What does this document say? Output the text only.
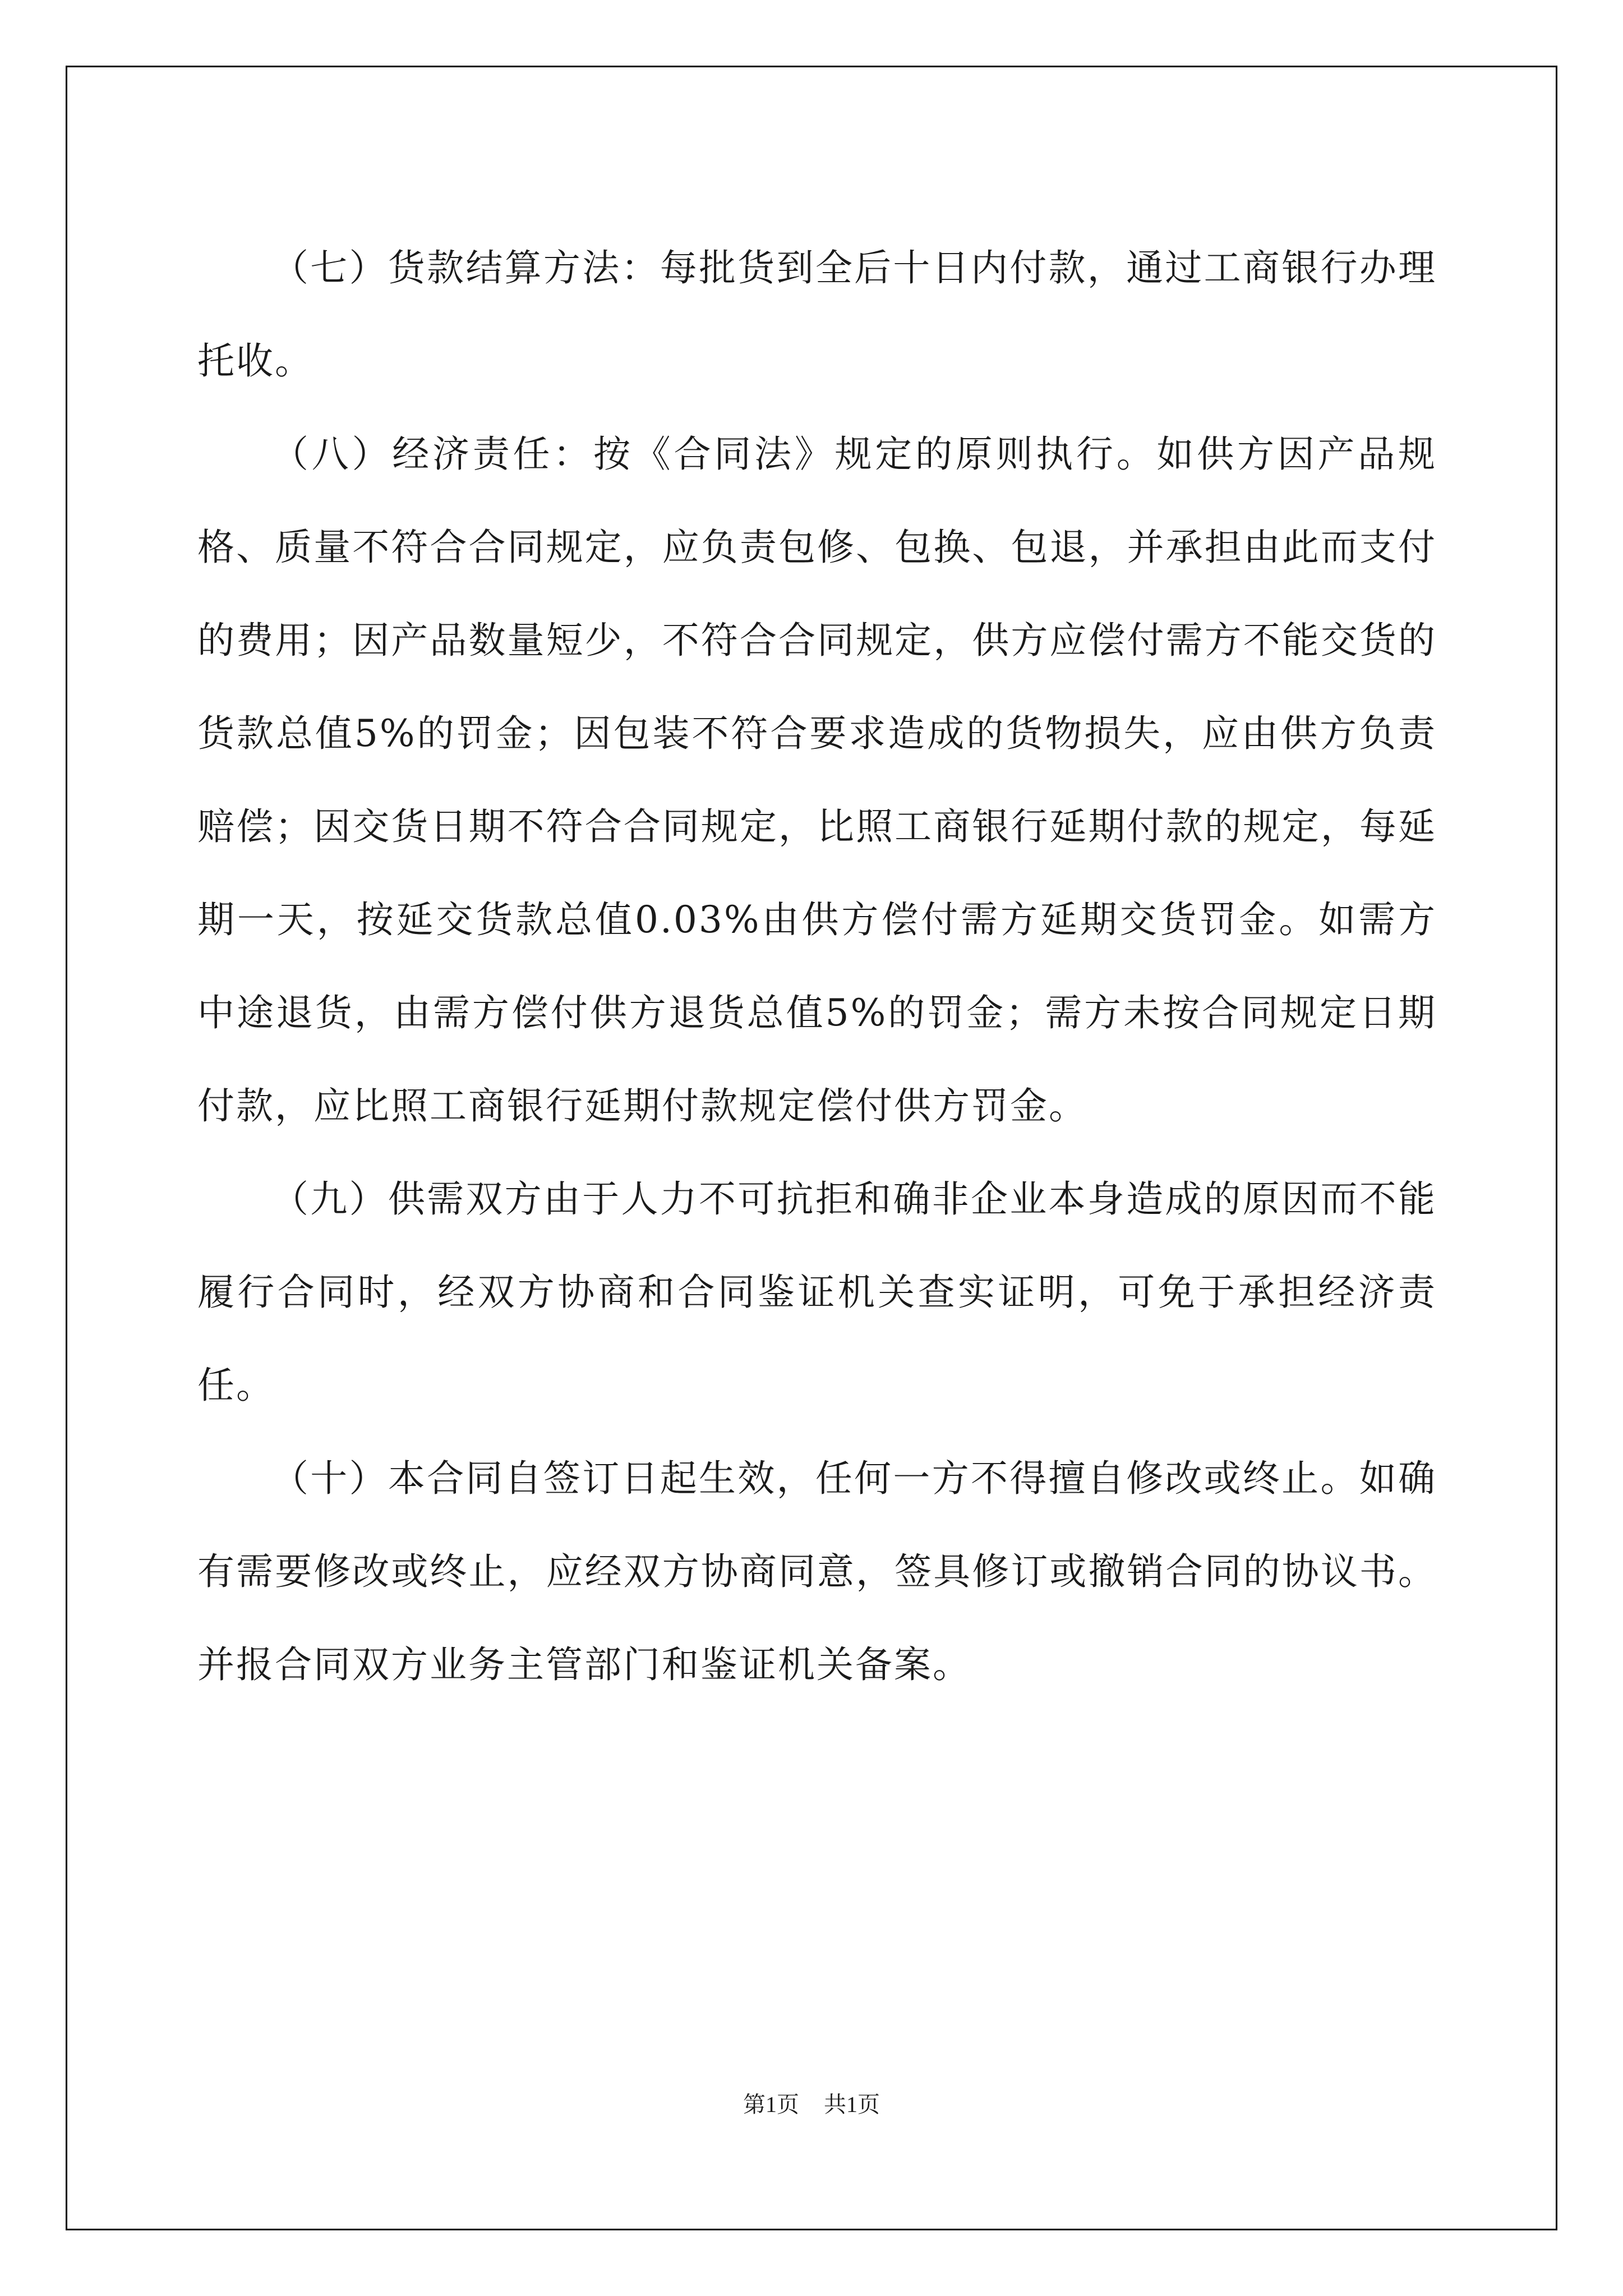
（七）货款结算方法：每批货到全后十日内付款，通过工商银行办理托收。

（八）经济责任：按《合同法》规定的原则执行。如供方因产品规格、质量不符合合同规定，应负责包修、包换、包退，并承担由此而支付的费用；因产品数量短少，不符合合同规定，供方应偿付需方不能交货的货款总值5%的罚金；因包装不符合要求造成的货物损失，应由供方负责赔偿；因交货日期不符合合同规定，比照工商银行延期付款的规定，每延期一天，按延交货款总值0.03%由供方偿付需方延期交货罚金。如需方中途退货，由需方偿付供方退货总值5%的罚金；需方未按合同规定日期付款，应比照工商银行延期付款规定偿付供方罚金。

（九）供需双方由于人力不可抗拒和确非企业本身造成的原因而不能履行合同时，经双方协商和合同鉴证机关查实证明，可免于承担经济责任。

（十）本合同自签订日起生效，任何一方不得擅自修改或终止。如确有需要修改或终止，应经双方协商同意，签具修订或撤销合同的协议书。并报合同双方业务主管部门和鉴证机关备案。

第1页 共1页
